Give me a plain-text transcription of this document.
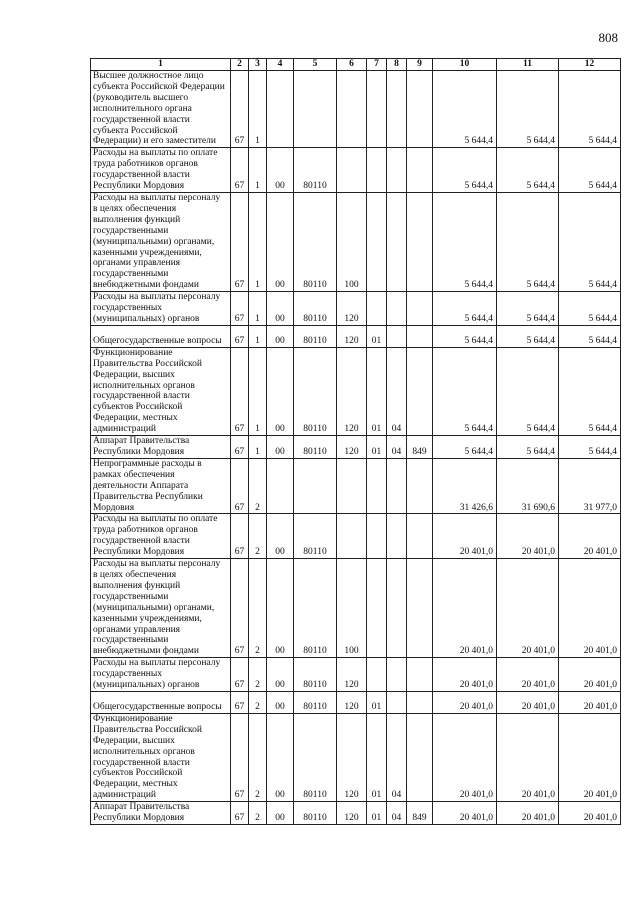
808
1	2	3	4	5	6	7	8	9	10	11	12
Высшее должностное лицо субъекта Российской Федерации (руководитель высшего исполнительного органа государственной власти субъекта Российской Федерации) и его заместители	67	1							5 644,4	5 644,4	5 644,4
Расходы на выплаты по оплате труда работников органов государственной власти Республики Мордовия	67	1	00	80110					5 644,4	5 644,4	5 644,4
Расходы на выплаты персоналу в целях обеспечения выполнения функций государственными (муниципальными) органами, казенными учреждениями, органами управления государственными внебюджетными фондами	67	1	00	80110	100				5 644,4	5 644,4	5 644,4
Расходы на выплаты персоналу государственных (муниципальных) органов	67	1	00	80110	120				5 644,4	5 644,4	5 644,4
Общегосударственные вопросы	67	1	00	80110	120	01			5 644,4	5 644,4	5 644,4
Функционирование Правительства Российской Федерации, высших исполнительных органов государственной власти субъектов Российской Федерации, местных администраций	67	1	00	80110	120	01	04		5 644,4	5 644,4	5 644,4
Аппарат Правительства Республики Мордовия	67	1	00	80110	120	01	04	849	5 644,4	5 644,4	5 644,4
Непрограммные расходы в рамках обеспечения деятельности Аппарата Правительства Республики Мордовия	67	2							31 426,6	31 690,6	31 977,0
Расходы на выплаты по оплате труда работников органов государственной власти Республики Мордовия	67	2	00	80110					20 401,0	20 401,0	20 401,0
Расходы на выплаты персоналу в целях обеспечения выполнения функций государственными (муниципальными) органами, казенными учреждениями, органами управления государственными внебюджетными фондами	67	2	00	80110	100				20 401,0	20 401,0	20 401,0
Расходы на выплаты персоналу государственных (муниципальных) органов	67	2	00	80110	120				20 401,0	20 401,0	20 401,0
Общегосударственные вопросы	67	2	00	80110	120	01			20 401,0	20 401,0	20 401,0
Функционирование Правительства Российской Федерации, высших исполнительных органов государственной власти субъектов Российской Федерации, местных администраций	67	2	00	80110	120	01	04		20 401,0	20 401,0	20 401,0
Аппарат Правительства Республики Мордовия	67	2	00	80110	120	01	04	849	20 401,0	20 401,0	20 401,0
